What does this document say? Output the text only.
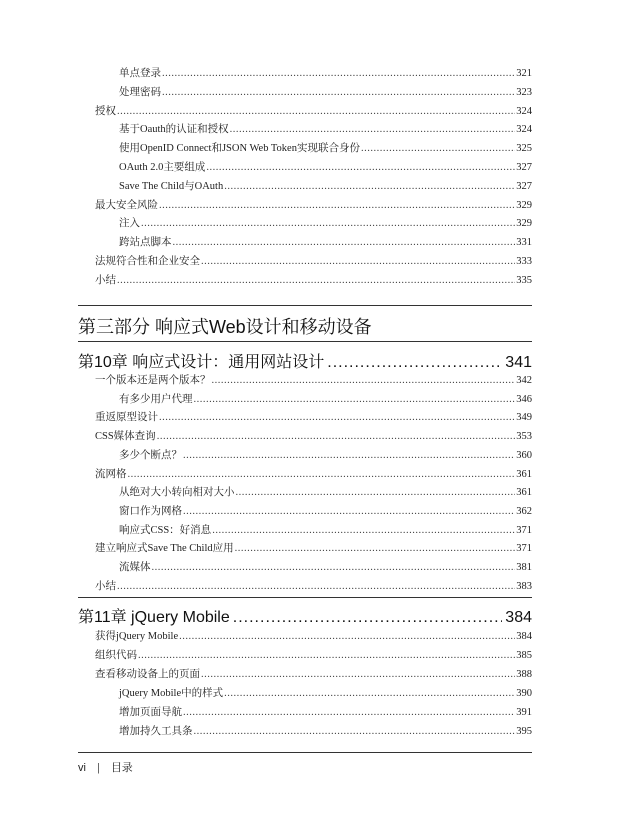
单点登录 .....	321
处理密码 .....	323
授权 .....	324
基于Oauth的认证和授权 .....	324
使用OpenID Connect和JSON Web Token实现联合身份 .....	325
OAuth 2.0主要组成 .....	327
Save The Child与OAuth .....	327
最大安全风险 .....	329
注入 .....	329
跨站点脚本 .....	331
法规符合性和企业安全 .....	333
小结 .....	335
第三部分 响应式Web设计和移动设备
第10章 响应式设计：通用网站设计 .....	341
一个版本还是两个版本？ .....	342
有多少用户代理 .....	346
重返原型设计 .....	349
CSS媒体查询 .....	353
多少个断点？ .....	360
流网格 .....	361
从绝对大小转向相对大小 .....	361
窗口作为网格 .....	362
响应式CSS：好消息 .....	371
建立响应式Save The Child应用 .....	371
流媒体 .....	381
小结 .....	383
第11章 jQuery Mobile .....	384
获得jQuery Mobile .....	384
组织代码 .....	385
查看移动设备上的页面 .....	388
jQuery Mobile中的样式 .....	390
增加页面导航 .....	391
增加持久工具条 .....	395
vi | 目录
